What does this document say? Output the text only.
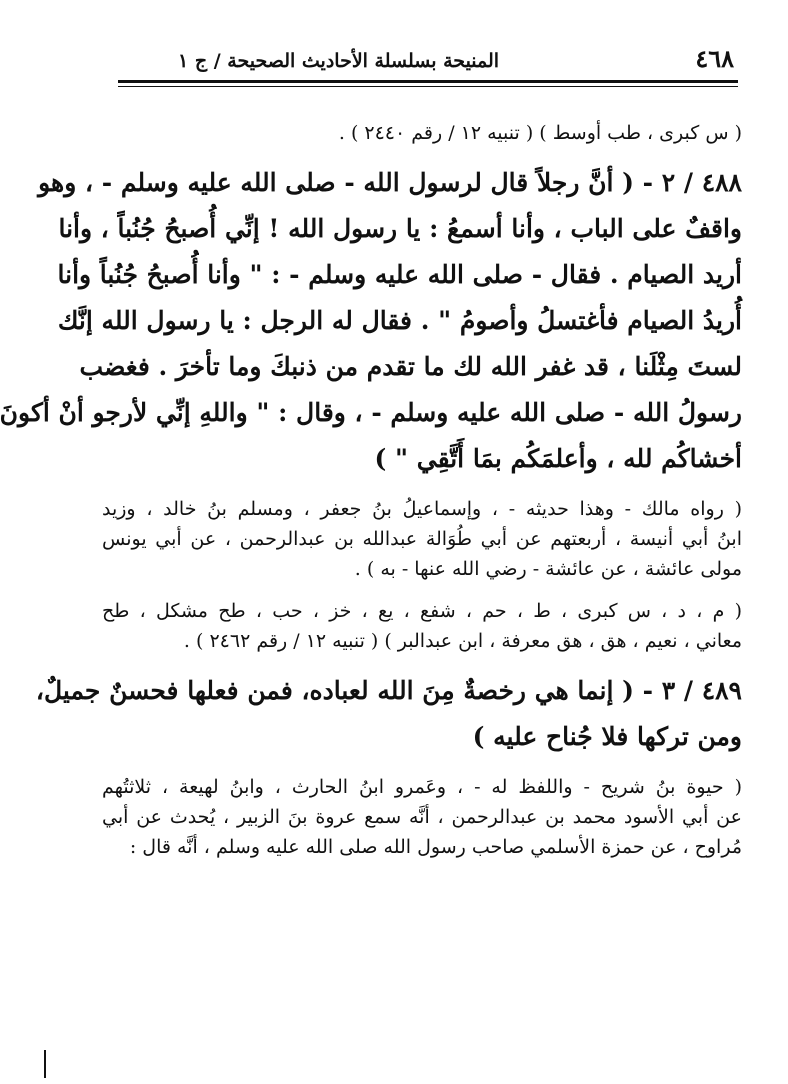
٤٦٨
المنيحة بسلسلة الأحاديث الصحيحة / ج ١
( س كبرى ، طب أوسط ) ( تنبيه ١٢ / رقم ٢٤٤٠ ) .
٤٨٨ / ٢ - ( أنَّ رجلاً قال لرسول الله - صلى الله عليه وسلم - ، وهو
واقفٌ على الباب ، وأنا أسمعُ : يا رسول الله ! إنِّي أُصبحُ جُنُباً ، وأنا
أريد الصيام . فقال - صلى الله عليه وسلم - : " وأنا أُصبحُ جُنُباً وأنا
أُريدُ الصيام فأغتسلُ وأصومُ " . فقال له الرجل : يا رسول الله إنَّك
لستَ مِثْلَنا ، قد غفر الله لك ما تقدم من ذنبكَ وما تأخرَ . فغضب
رسولُ الله - صلى الله عليه وسلم - ، وقال : " واللهِ إنِّي لأرجو أنْ أكونَ
أخشاكُم لله ، وأعلمَكُم بمَا أَتَّقِي " )
( رواه مالك - وهذا حديثه - ، وإسماعيلُ بنُ جعفر ، ومسلم بنُ خالد ، وزيد
ابنُ أبي أنيسة ، أربعتهم عن أبي طُوَالة عبدالله بن عبدالرحمن ، عن أبي يونس
مولى عائشة ، عن عائشة - رضي الله عنها - به ) .
( م ، د ، س كبرى ، ط ، حم ، شفع ، يع ، خز ، حب ، طح مشكل ، طح
معاني ، نعيم ، هق ، هق معرفة ، ابن عبدالبر ) ( تنبيه ١٢ / رقم ٢٤٦٢ ) .
٤٨٩ / ٣ - ( إنما هي رخصةٌ مِنَ الله لعباده، فمن فعلها فحسنٌ جميلٌ،
ومن تركها فلا جُناح عليه )
( حيوة بنُ شريح - واللفظ له - ، وعَمرو ابنُ الحارث ، وابنُ لهيعة ، ثلاثتُهم
عن أبي الأسود محمد بن عبدالرحمن ، أنَّه سمع عروة بنَ الزبير ، يُحدث عن أبي
مُراوح ، عن حمزة الأسلمي صاحب رسول الله صلى الله عليه وسلم ، أنَّه قال :
